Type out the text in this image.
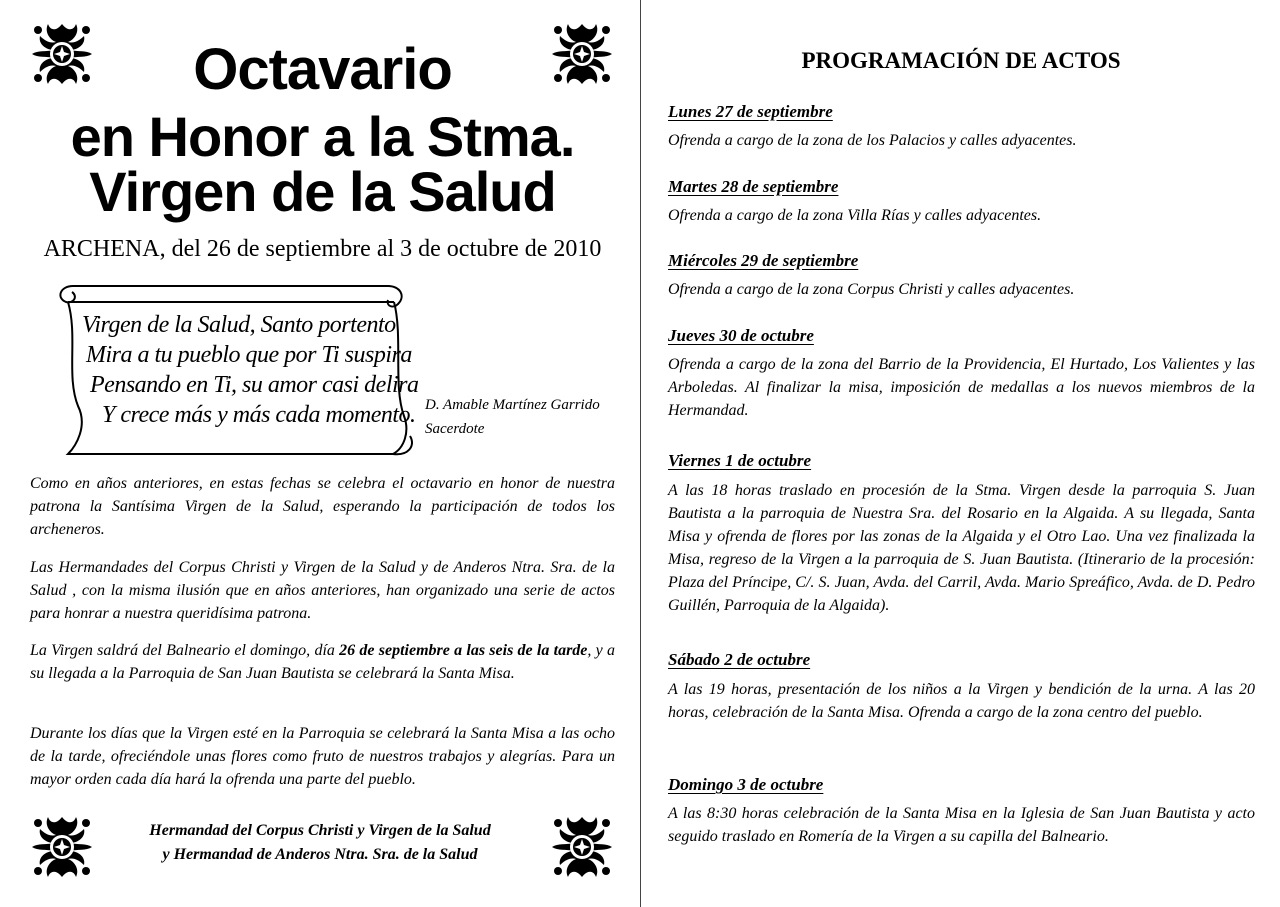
Octavario
en Honor a la Stma.
Virgen de la Salud
ARCHENA, del 26 de septiembre al 3 de octubre de 2010
Virgen de la Salud, Santo portento
Mira a tu pueblo que por Ti suspira
Pensando en Ti, su amor casi delira
Y crece más y más cada momento. D. Amable Martínez Garrido
Sacerdote
Como en años anteriores, en estas fechas se celebra el octavario en honor de nuestra patrona la Santísima Virgen de la Salud, esperando la participación de todos los archeneros.
Las Hermandades del Corpus Christi y Virgen de la Salud y de Anderos Ntra. Sra. de la Salud , con la misma ilusión que en años anteriores, han organizado una serie de actos para honrar a nuestra queridísima patrona.
La Virgen saldrá del Balneario el domingo, día 26 de septiembre a las seis de la tarde, y a su llegada a la Parroquia de San Juan Bautista se celebrará la Santa Misa.
Durante los días que la Virgen esté en la Parroquia se celebrará la Santa Misa a las ocho de la tarde, ofreciéndole unas flores como fruto de nuestros trabajos y alegrías. Para un mayor orden cada día hará la ofrenda una parte del pueblo.
Hermandad del Corpus Christi y Virgen de la Salud
y Hermandad de Anderos Ntra. Sra. de la Salud
PROGRAMACIÓN DE ACTOS
Lunes 27 de septiembre
Ofrenda a cargo de la zona de los Palacios y calles adyacentes.
Martes 28 de septiembre
Ofrenda a cargo de la zona Villa Rías y calles adyacentes.
Miércoles 29 de septiembre
Ofrenda a cargo de la zona Corpus Christi y calles adyacentes.
Jueves 30 de octubre
Ofrenda a cargo de la zona del Barrio de la Providencia, El Hurtado, Los Valientes y las Arboledas. Al finalizar la misa, imposición de medallas a los nuevos miembros de la Hermandad.
Viernes 1 de octubre
A las 18 horas traslado en procesión de la Stma. Virgen desde la parroquia S. Juan Bautista a la parroquia de Nuestra Sra. del Rosario en la Algaida. A su llegada, Santa Misa y ofrenda de flores por las zonas de la Algaida y el Otro Lao. Una vez finalizada la Misa, regreso de la Virgen a la parroquia de S. Juan Bautista. (Itinerario de la procesión: Plaza del Príncipe, C/. S. Juan, Avda. del Carril, Avda. Mario Spreáfico, Avda. de D. Pedro Guillén, Parroquia de la Algaida).
Sábado 2 de octubre
A las 19 horas, presentación de los niños a la Virgen y bendición de la urna. A las 20 horas, celebración de la Santa Misa. Ofrenda a cargo de la zona centro del pueblo.
Domingo 3 de octubre
A las 8:30 horas celebración de la Santa Misa en la Iglesia de San Juan Bautista y acto seguido traslado en Romería de la Virgen a su capilla del Balneario.
